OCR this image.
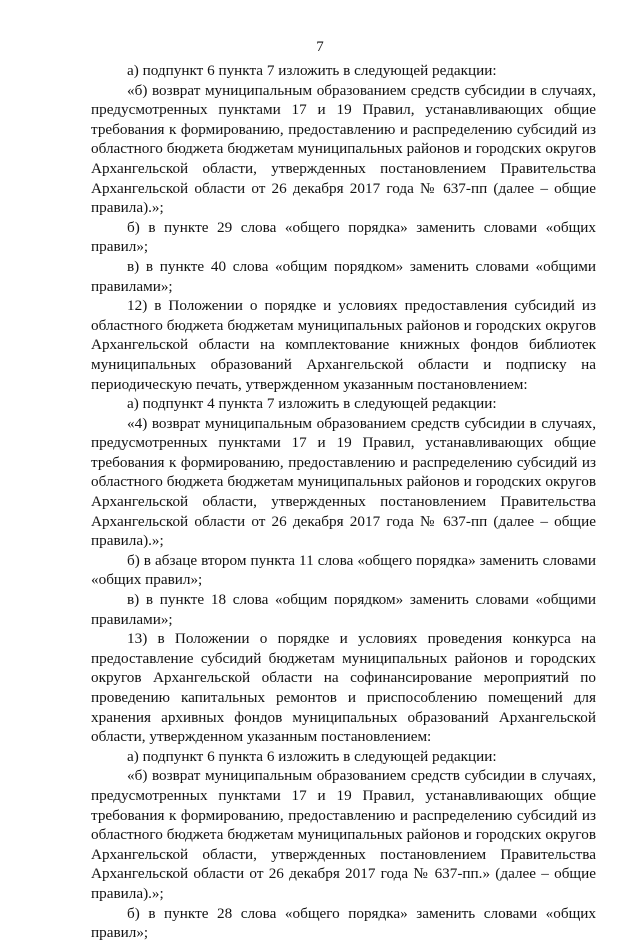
7

а) подпункт 6 пункта 7 изложить в следующей редакции:

«б) возврат муниципальным образованием средств субсидии в случаях, предусмотренных пунктами 17 и 19 Правил, устанавливающих общие требования к формированию, предоставлению и распределению субсидий из областного бюджета бюджетам муниципальных районов и городских округов Архангельской области, утвержденных постановлением Правительства Архангельской области от 26 декабря 2017 года № 637-пп (далее – общие правила).»;

б) в пункте 29 слова «общего порядка» заменить словами «общих правил»;

в) в пункте 40 слова «общим порядком» заменить словами «общими правилами»;

12) в Положении о порядке и условиях предоставления субсидий из областного бюджета бюджетам муниципальных районов и городских округов Архангельской области на комплектование книжных фондов библиотек муниципальных образований Архангельской области и подписку на периодическую печать, утвержденном указанным постановлением:

а) подпункт 4 пункта 7 изложить в следующей редакции:

«4) возврат муниципальным образованием средств субсидии в случаях, предусмотренных пунктами 17 и 19 Правил, устанавливающих общие требования к формированию, предоставлению и распределению субсидий из областного бюджета бюджетам муниципальных районов и городских округов Архангельской области, утвержденных постановлением Правительства Архангельской области от 26 декабря 2017 года № 637-пп (далее – общие правила).»;

б) в абзаце втором пункта 11 слова «общего порядка» заменить словами «общих правил»;

в) в пункте 18 слова «общим порядком» заменить словами «общими правилами»;

13) в Положении о порядке и условиях проведения конкурса на предоставление субсидий бюджетам муниципальных районов и городских округов Архангельской области на софинансирование мероприятий по проведению капитальных ремонтов и приспособлению помещений для хранения архивных фондов муниципальных образований Архангельской области, утвержденном указанным постановлением:

а) подпункт 6 пункта 6 изложить в следующей редакции:

«б) возврат муниципальным образованием средств субсидии в случаях, предусмотренных пунктами 17 и 19 Правил, устанавливающих общие требования к формированию, предоставлению и распределению субсидий из областного бюджета бюджетам муниципальных районов и городских округов Архангельской области, утвержденных постановлением Правительства Архангельской области от 26 декабря 2017 года № 637-пп.» (далее – общие правила).»;

б) в пункте 28 слова «общего порядка» заменить словами «общих правил»;
